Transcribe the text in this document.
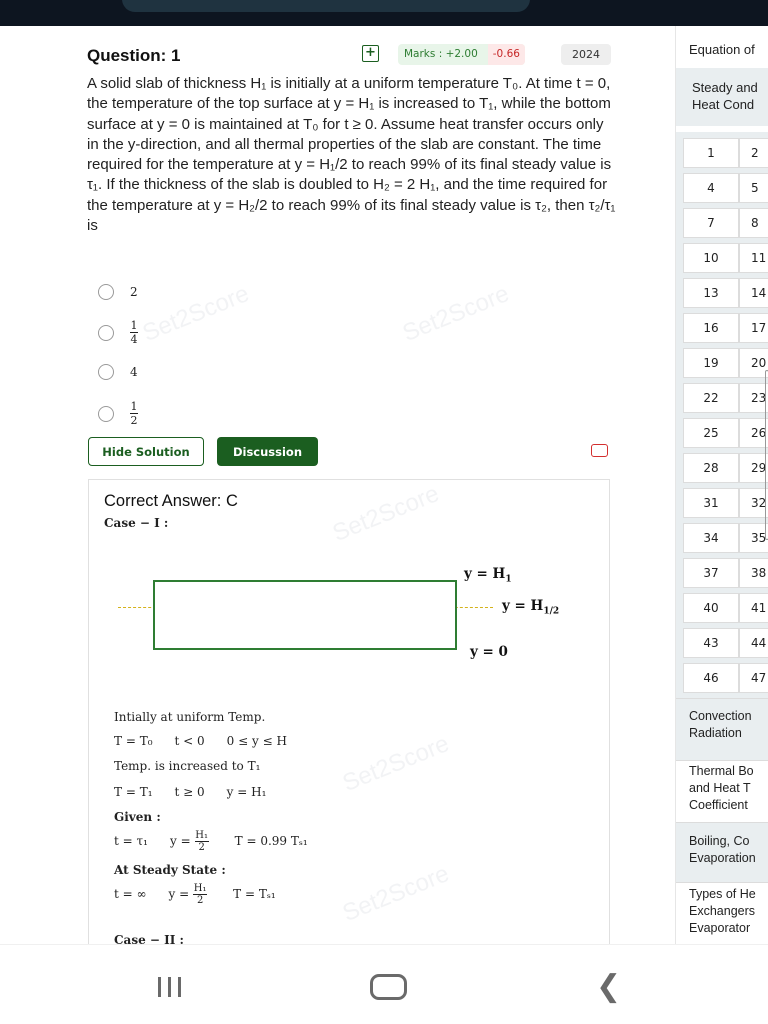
Question: 1	+	Marks : +2.00	-0.66	2024
A solid slab of thickness H₁ is initially at a uniform temperature T₀. At time t = 0, the temperature of the top surface at y = H₁ is increased to T₁, while the bottom surface at y = 0 is maintained at T₀ for t ≥ 0. Assume heat transfer occurs only in the y-direction, and all thermal properties of the slab are constant. The time required for the temperature at y = H₁/2 to reach 99% of its final steady value is τ₁. If the thickness of the slab is doubled to H₂ = 2 H₁, and the time required for the temperature at y = H₂/2 to reach 99% of its final steady value is τ₂, then τ₂/τ₁ is
2
$\frac{1}{4}$
4
$\frac{1}{2}$
Hide Solution	Discussion
Correct Answer: C
Case − I :
$y = H_1$
$y = H_{1/2}$
y = 0
Intially at uniform Temp.
T = T₀ t < 0 0 ≤ y ≤ H
Temp. is increased to T₁
T = T₁ t ≥ 0 y = H₁
Given :
t = τ₁ $y = \frac{\text{H₁}}{2}$ T = 0.99 Tₛ₁
At Steady State :
t = ∞ $y = \frac{\text{H₁}}{2}$ T = Tₛ₁
Case − II :
Equation of
Steady and
Heat Cond
1	2
4	5
7	8
10	11
13	14
16	17
19	20
22	23
25	26
28	29
31	32
34	35
37	38
40	41
43	44
46	47
Convection
Radiation
Thermal Bo
and Heat T
Coefficient
Boiling, Co
Evaporation
Types of He
Exchangers
Evaporator
❮
